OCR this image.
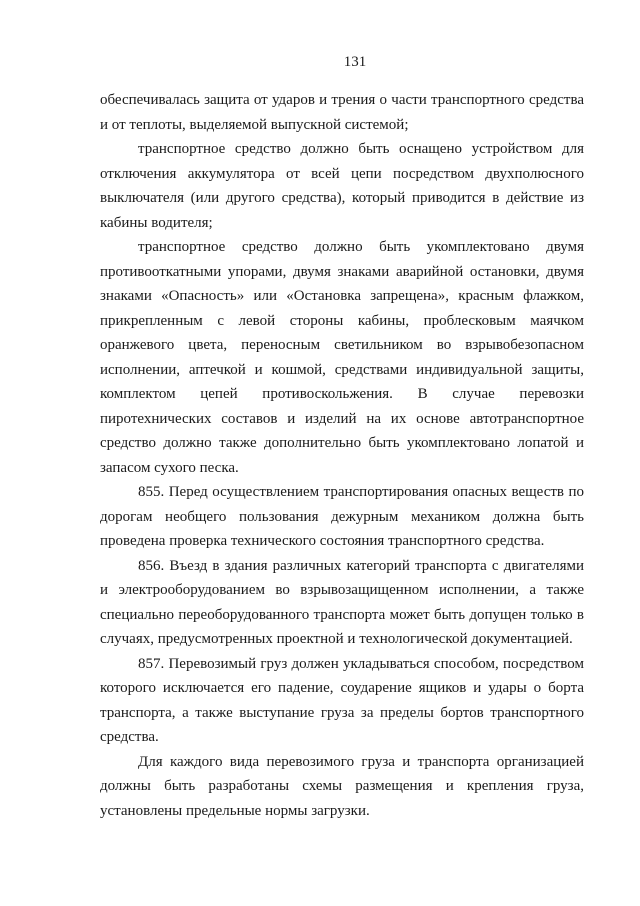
131

обеспечивалась защита от ударов и трения о части транспортного средства и от теплоты, выделяемой выпускной системой;

транспортное средство должно быть оснащено устройством для отключения аккумулятора от всей цепи посредством двухполюсного выключателя (или другого средства), который приводится в действие из кабины водителя;

транспортное средство должно быть укомплектовано двумя противооткатными упорами, двумя знаками аварийной остановки, двумя знаками «Опасность» или «Остановка запрещена», красным флажком, прикрепленным с левой стороны кабины, проблесковым маячком оранжевого цвета, переносным светильником во взрывобезопасном исполнении, аптечкой и кошмой, средствами индивидуальной защиты, комплектом цепей противоскольжения. В случае перевозки пиротехнических составов и изделий на их основе автотранспортное средство должно также дополнительно быть укомплектовано лопатой и запасом сухого песка.

855. Перед осуществлением транспортирования опасных веществ по дорогам необщего пользования дежурным механиком должна быть проведена проверка технического состояния транспортного средства.

856. Въезд в здания различных категорий транспорта с двигателями и электрооборудованием во взрывозащищенном исполнении, а также специально переоборудованного транспорта может быть допущен только в случаях, предусмотренных проектной и технологической документацией.

857. Перевозимый груз должен укладываться способом, посредством которого исключается его падение, соударение ящиков и удары о борта транспорта, а также выступание груза за пределы бортов транспортного средства.

Для каждого вида перевозимого груза и транспорта организацией должны быть разработаны схемы размещения и крепления груза, установлены предельные нормы загрузки.
